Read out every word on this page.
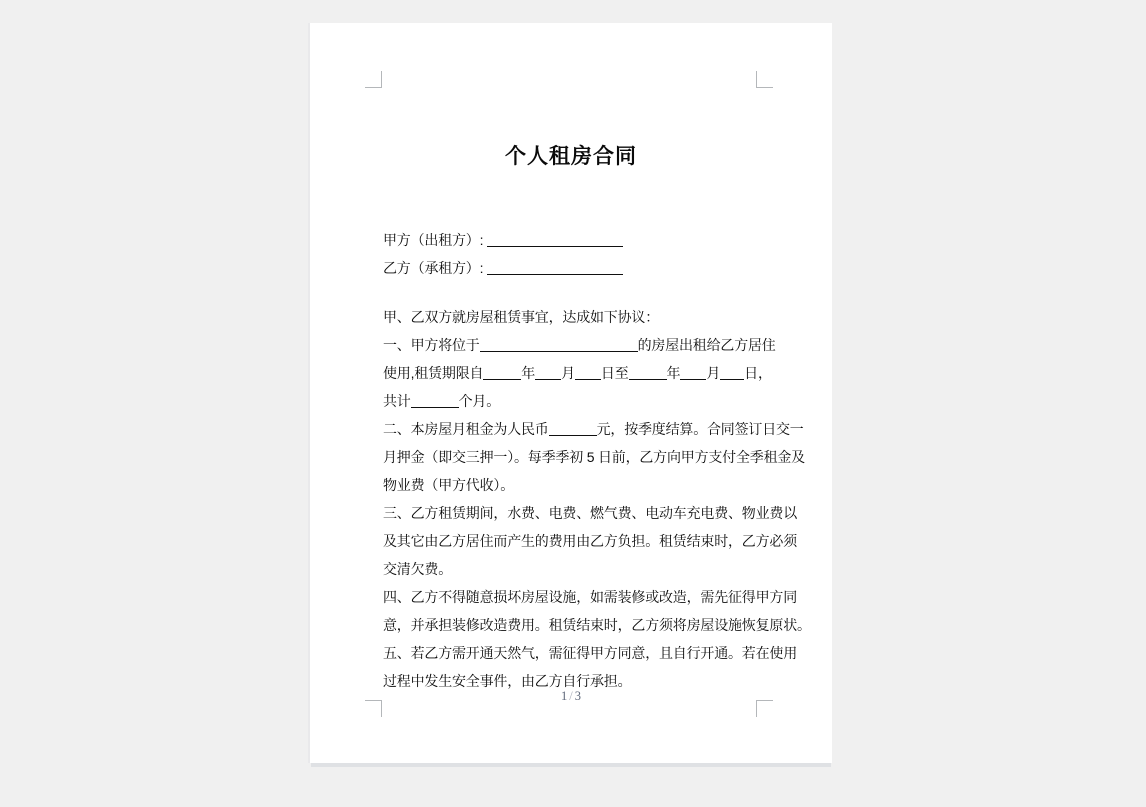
个人租房合同
甲方（出租方）:
乙方（承租方）:
甲、乙双方就房屋租赁事宜，达成如下协议：
一、甲方将位于	的房屋出租给乙方居住
使用,租赁期限自	年 月 日至	年 月 日，
共计	个月。
二、本房屋月租金为人民币	元，按季度结算。合同签订日交一
月押金（即交三押一）。每季季初 5 日前，乙方向甲方支付全季租金及
物业费（甲方代收）。
三、乙方租赁期间，水费、电费、燃气费、电动车充电费、物业费以
及其它由乙方居住而产生的费用由乙方负担。租赁结束时，乙方必须
交清欠费。
四、乙方不得随意损坏房屋设施，如需装修或改造，需先征得甲方同
意，并承担装修改造费用。租赁结束时，乙方须将房屋设施恢复原状。
五、若乙方需开通天然气，需征得甲方同意，且自行开通。若在使用
过程中发生安全事件，由乙方自行承担。
1 / 3
